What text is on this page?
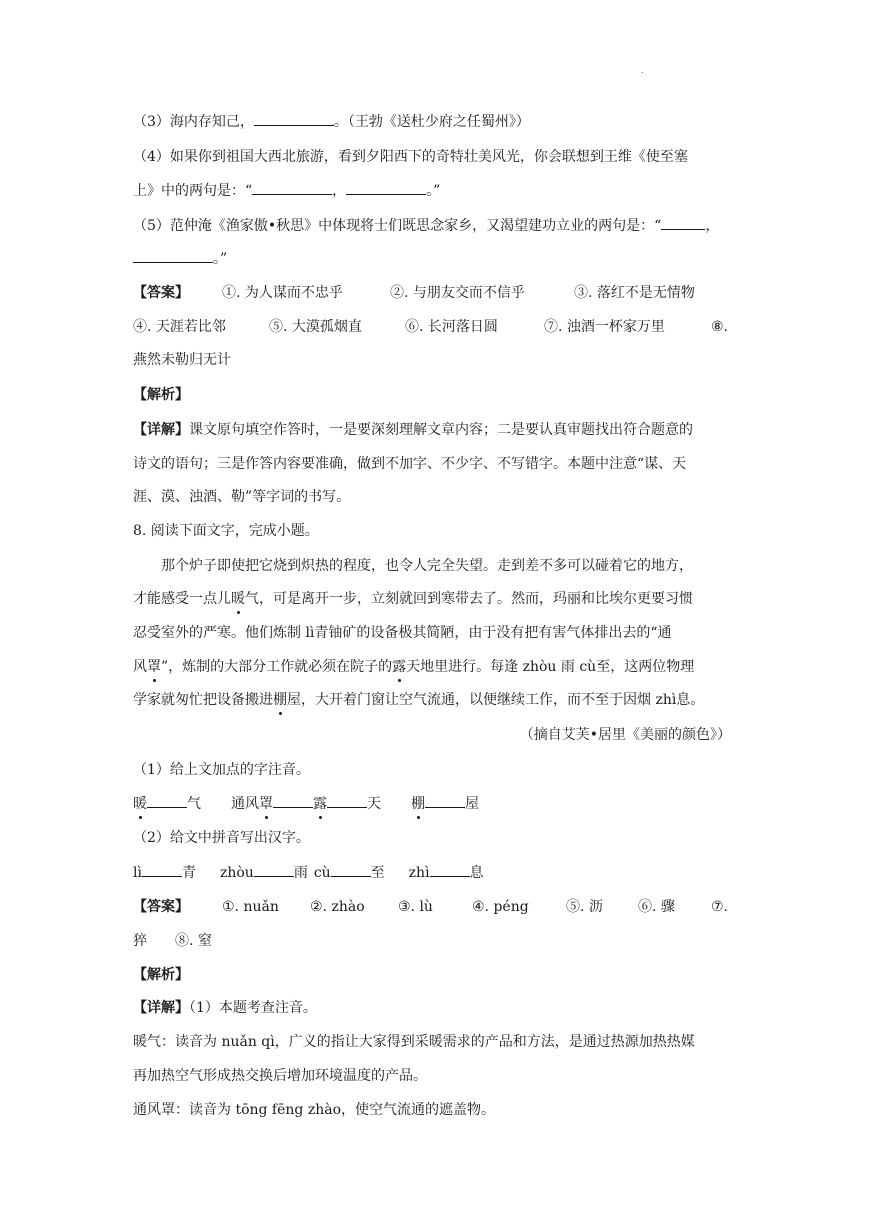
.
（3）海内存知己，	。（王勃《送杜少府之任蜀州》）
（4）如果你到祖国大西北旅游，看到夕阳西下的奇特壮美风光，你会联想到王维《使至塞
上》中的两句是：“	，	。”
（5）范仲淹《渔家傲•秋思》中体现将士们既思念家乡，又渴望建功立业的两句是：“	，
。”
【答案】 ①. 为人谋而不忠乎	②. 与朋友交而不信乎	③. 落红不是无情物
④. 天涯若比邻	⑤. 大漠孤烟直	⑥. 长河落日圆	⑦. 浊酒一杯家万里	⑧.
燕然未勒归无计
【解析】
【详解】课文原句填空作答时，一是要深刻理解文章内容；二是要认真审题找出符合题意的
诗文的语句；三是作答内容要准确，做到不加字、不少字、不写错字。本题中注意“谋、天
涯、漠、浊酒、勒”等字词的书写。
8. 阅读下面文字，完成小题。
那个炉子即使把它烧到炽热的程度，也令人完全失望。走到差不多可以碰着它的地方，
才能感受一点儿暖气，可是离开一步，立刻就回到寒带去了。然而，玛丽和比埃尔更要习惯
忍受室外的严寒。他们炼制 lì青铀矿的设备极其简陋，由于没有把有害气体排出去的“通
风罩”，炼制的大部分工作就必须在院子的露天地里进行。每逢 zhòu 雨 cù至，这两位物理
学家就匆忙把设备搬进棚屋，大开着门窗让空气流通，以便继续工作，而不至于因烟 zhì息。
（摘自艾芙•居里《美丽的颜色》）
（1）给上文加点的字注音。
暖	气 通风罩	露	天 棚	屋
（2）给文中拼音写出汉字。
lì	青 zhòu	雨 cù	至 zhì	息
【答案】 ①. nuǎn ②. zhào ③. lù	④. péng	⑤. 沥	⑥. 骤	⑦.
猝 ⑧. 窒
【解析】
【详解】（1）本题考查注音。
暖气：读音为 nuǎn qì，广义的指让大家得到采暖需求的产品和方法，是通过热源加热热媒
再加热空气形成热交换后增加环境温度的产品。
通风罩：读音为 tōng fēng zhào，使空气流通的遮盖物。
